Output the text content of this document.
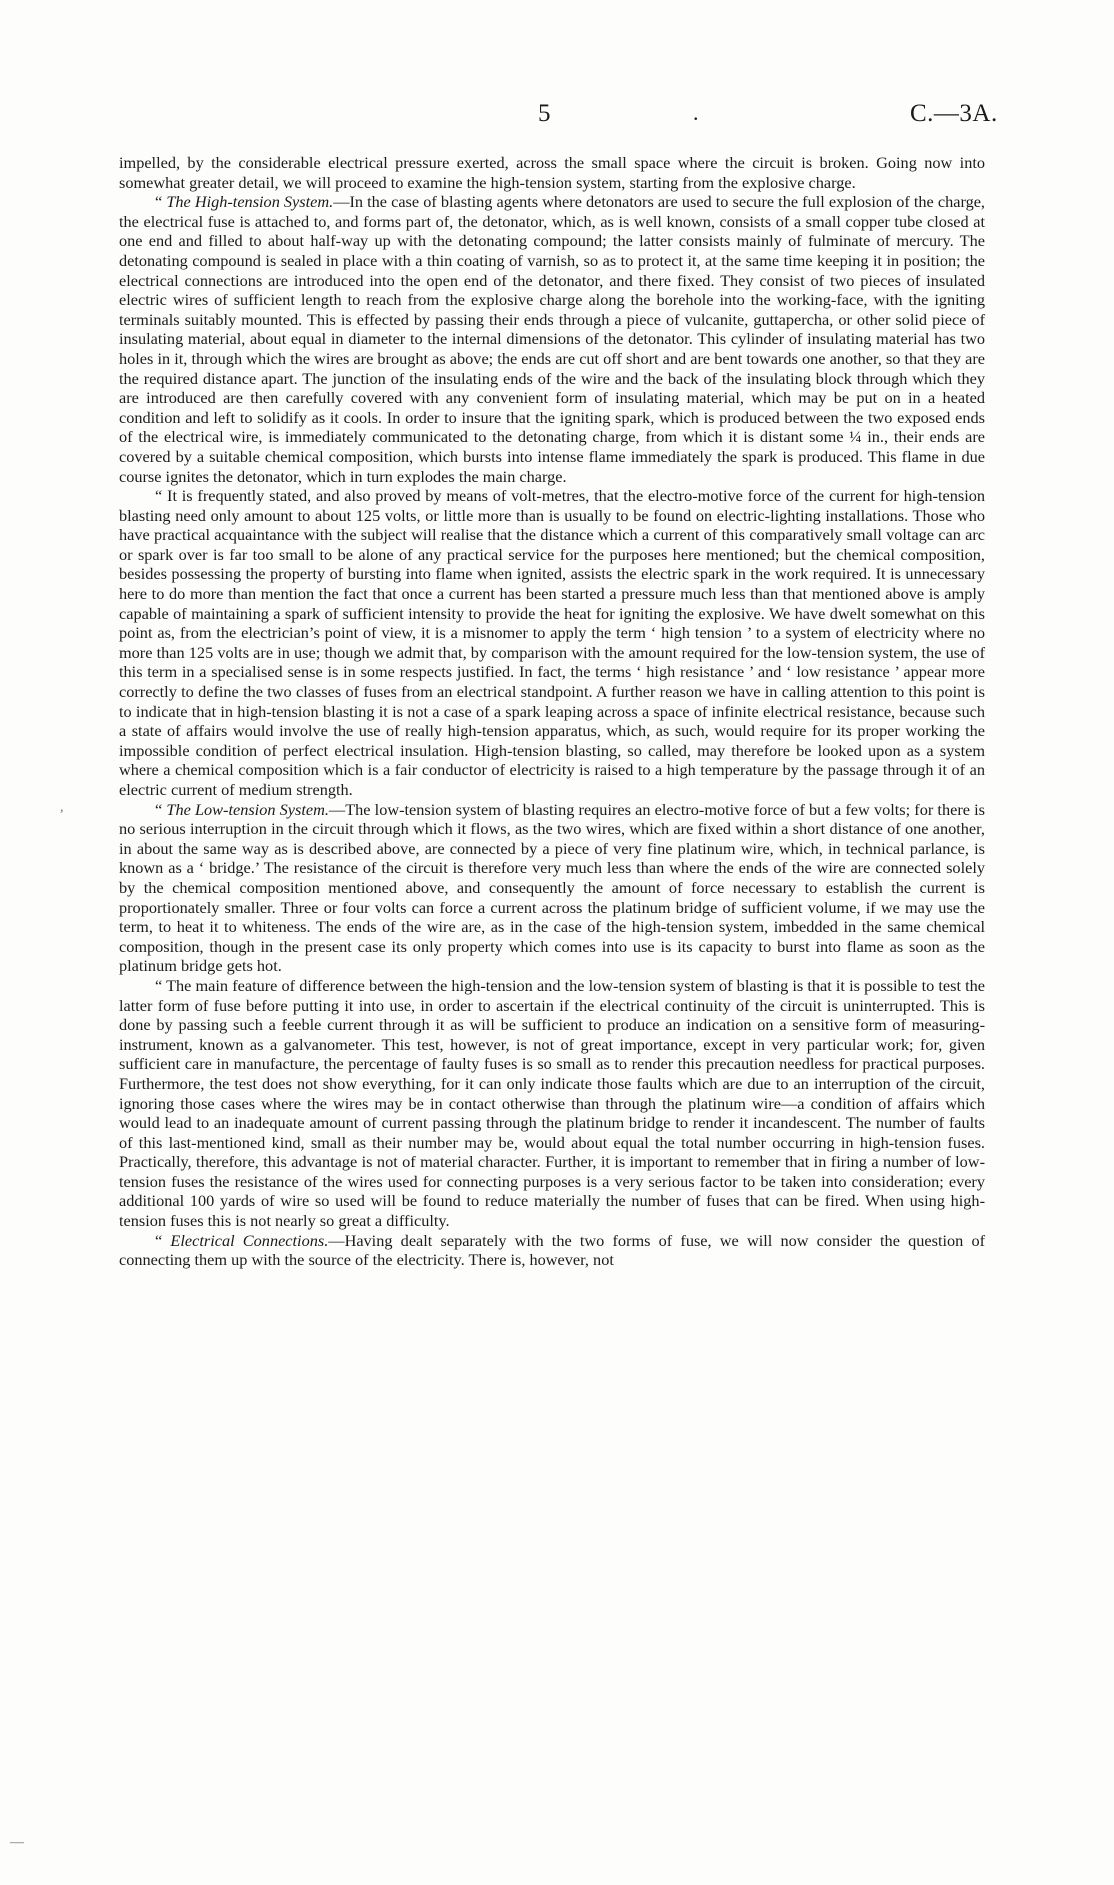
5	.	C.—3A.

impelled, by the considerable electrical pressure exerted, across the small space where the circuit is broken. Going now into somewhat greater detail, we will proceed to examine the high-tension system, starting from the explosive charge.

“ The High-tension System.—In the case of blasting agents where detonators are used to secure the full explosion of the charge, the electrical fuse is attached to, and forms part of, the detonator, which, as is well known, consists of a small copper tube closed at one end and filled to about half-way up with the detonating compound; the latter consists mainly of fulminate of mercury. The detonating compound is sealed in place with a thin coating of varnish, so as to protect it, at the same time keeping it in position; the electrical connections are introduced into the open end of the detonator, and there fixed. They consist of two pieces of insulated electric wires of sufficient length to reach from the explosive charge along the borehole into the working-face, with the igniting terminals suitably mounted. This is effected by passing their ends through a piece of vulcanite, guttapercha, or other solid piece of insulating material, about equal in diameter to the internal dimensions of the detonator. This cylinder of insulating material has two holes in it, through which the wires are brought as above; the ends are cut off short and are bent towards one another, so that they are the required distance apart. The junction of the insulating ends of the wire and the back of the insulating block through which they are introduced are then carefully covered with any convenient form of insulating material, which may be put on in a heated condition and left to solidify as it cools. In order to insure that the igniting spark, which is produced between the two exposed ends of the electrical wire, is immediately communicated to the detonating charge, from which it is distant some ¼ in., their ends are covered by a suitable chemical composition, which bursts into intense flame immediately the spark is produced. This flame in due course ignites the detonator, which in turn explodes the main charge.

“ It is frequently stated, and also proved by means of volt-metres, that the electro-motive force of the current for high-tension blasting need only amount to about 125 volts, or little more than is usually to be found on electric-lighting installations. Those who have practical acquaintance with the subject will realise that the distance which a current of this comparatively small voltage can arc or spark over is far too small to be alone of any practical service for the purposes here mentioned; but the chemical composition, besides possessing the property of bursting into flame when ignited, assists the electric spark in the work required. It is unnecessary here to do more than mention the fact that once a current has been started a pressure much less than that mentioned above is amply capable of maintaining a spark of sufficient intensity to provide the heat for igniting the explosive. We have dwelt somewhat on this point as, from the electrician’s point of view, it is a misnomer to apply the term ‘ high tension ’ to a system of electricity where no more than 125 volts are in use; though we admit that, by comparison with the amount required for the low-tension system, the use of this term in a specialised sense is in some respects justified. In fact, the terms ‘ high resistance ’ and ‘ low resistance ’ appear more correctly to define the two classes of fuses from an electrical standpoint. A further reason we have in calling attention to this point is to indicate that in high-tension blasting it is not a case of a spark leaping across a space of infinite electrical resistance, because such a state of affairs would involve the use of really high-tension apparatus, which, as such, would require for its proper working the impossible condition of perfect electrical insulation. High-tension blasting, so called, may therefore be looked upon as a system where a chemical composition which is a fair conductor of electricity is raised to a high temperature by the passage through it of an electric current of medium strength.

“ The Low-tension System.—The low-tension system of blasting requires an electro-motive force of but a few volts; for there is no serious interruption in the circuit through which it flows, as the two wires, which are fixed within a short distance of one another, in about the same way as is described above, are connected by a piece of very fine platinum wire, which, in technical parlance, is known as a ‘ bridge.’ The resistance of the circuit is therefore very much less than where the ends of the wire are connected solely by the chemical composition mentioned above, and consequently the amount of force necessary to establish the current is proportionately smaller. Three or four volts can force a current across the platinum bridge of sufficient volume, if we may use the term, to heat it to whiteness. The ends of the wire are, as in the case of the high-tension system, imbedded in the same chemical composition, though in the present case its only property which comes into use is its capacity to burst into flame as soon as the platinum bridge gets hot.

“ The main feature of difference between the high-tension and the low-tension system of blasting is that it is possible to test the latter form of fuse before putting it into use, in order to ascertain if the electrical continuity of the circuit is uninterrupted. This is done by passing such a feeble current through it as will be sufficient to produce an indication on a sensitive form of measuring-instrument, known as a galvanometer. This test, however, is not of great importance, except in very particular work; for, given sufficient care in manufacture, the percentage of faulty fuses is so small as to render this precaution needless for practical purposes. Furthermore, the test does not show everything, for it can only indicate those faults which are due to an interruption of the circuit, ignoring those cases where the wires may be in contact otherwise than through the platinum wire—a condition of affairs which would lead to an inadequate amount of current passing through the platinum bridge to render it incandescent. The number of faults of this last-mentioned kind, small as their number may be, would about equal the total number occurring in high-tension fuses. Practically, therefore, this advantage is not of material character. Further, it is important to remember that in firing a number of low-tension fuses the resistance of the wires used for connecting purposes is a very serious factor to be taken into consideration; every additional 100 yards of wire so used will be found to reduce materially the number of fuses that can be fired. When using high-tension fuses this is not nearly so great a difficulty.

“ Electrical Connections.—Having dealt separately with the two forms of fuse, we will now consider the question of connecting them up with the source of the electricity. There is, however, not

,
—
